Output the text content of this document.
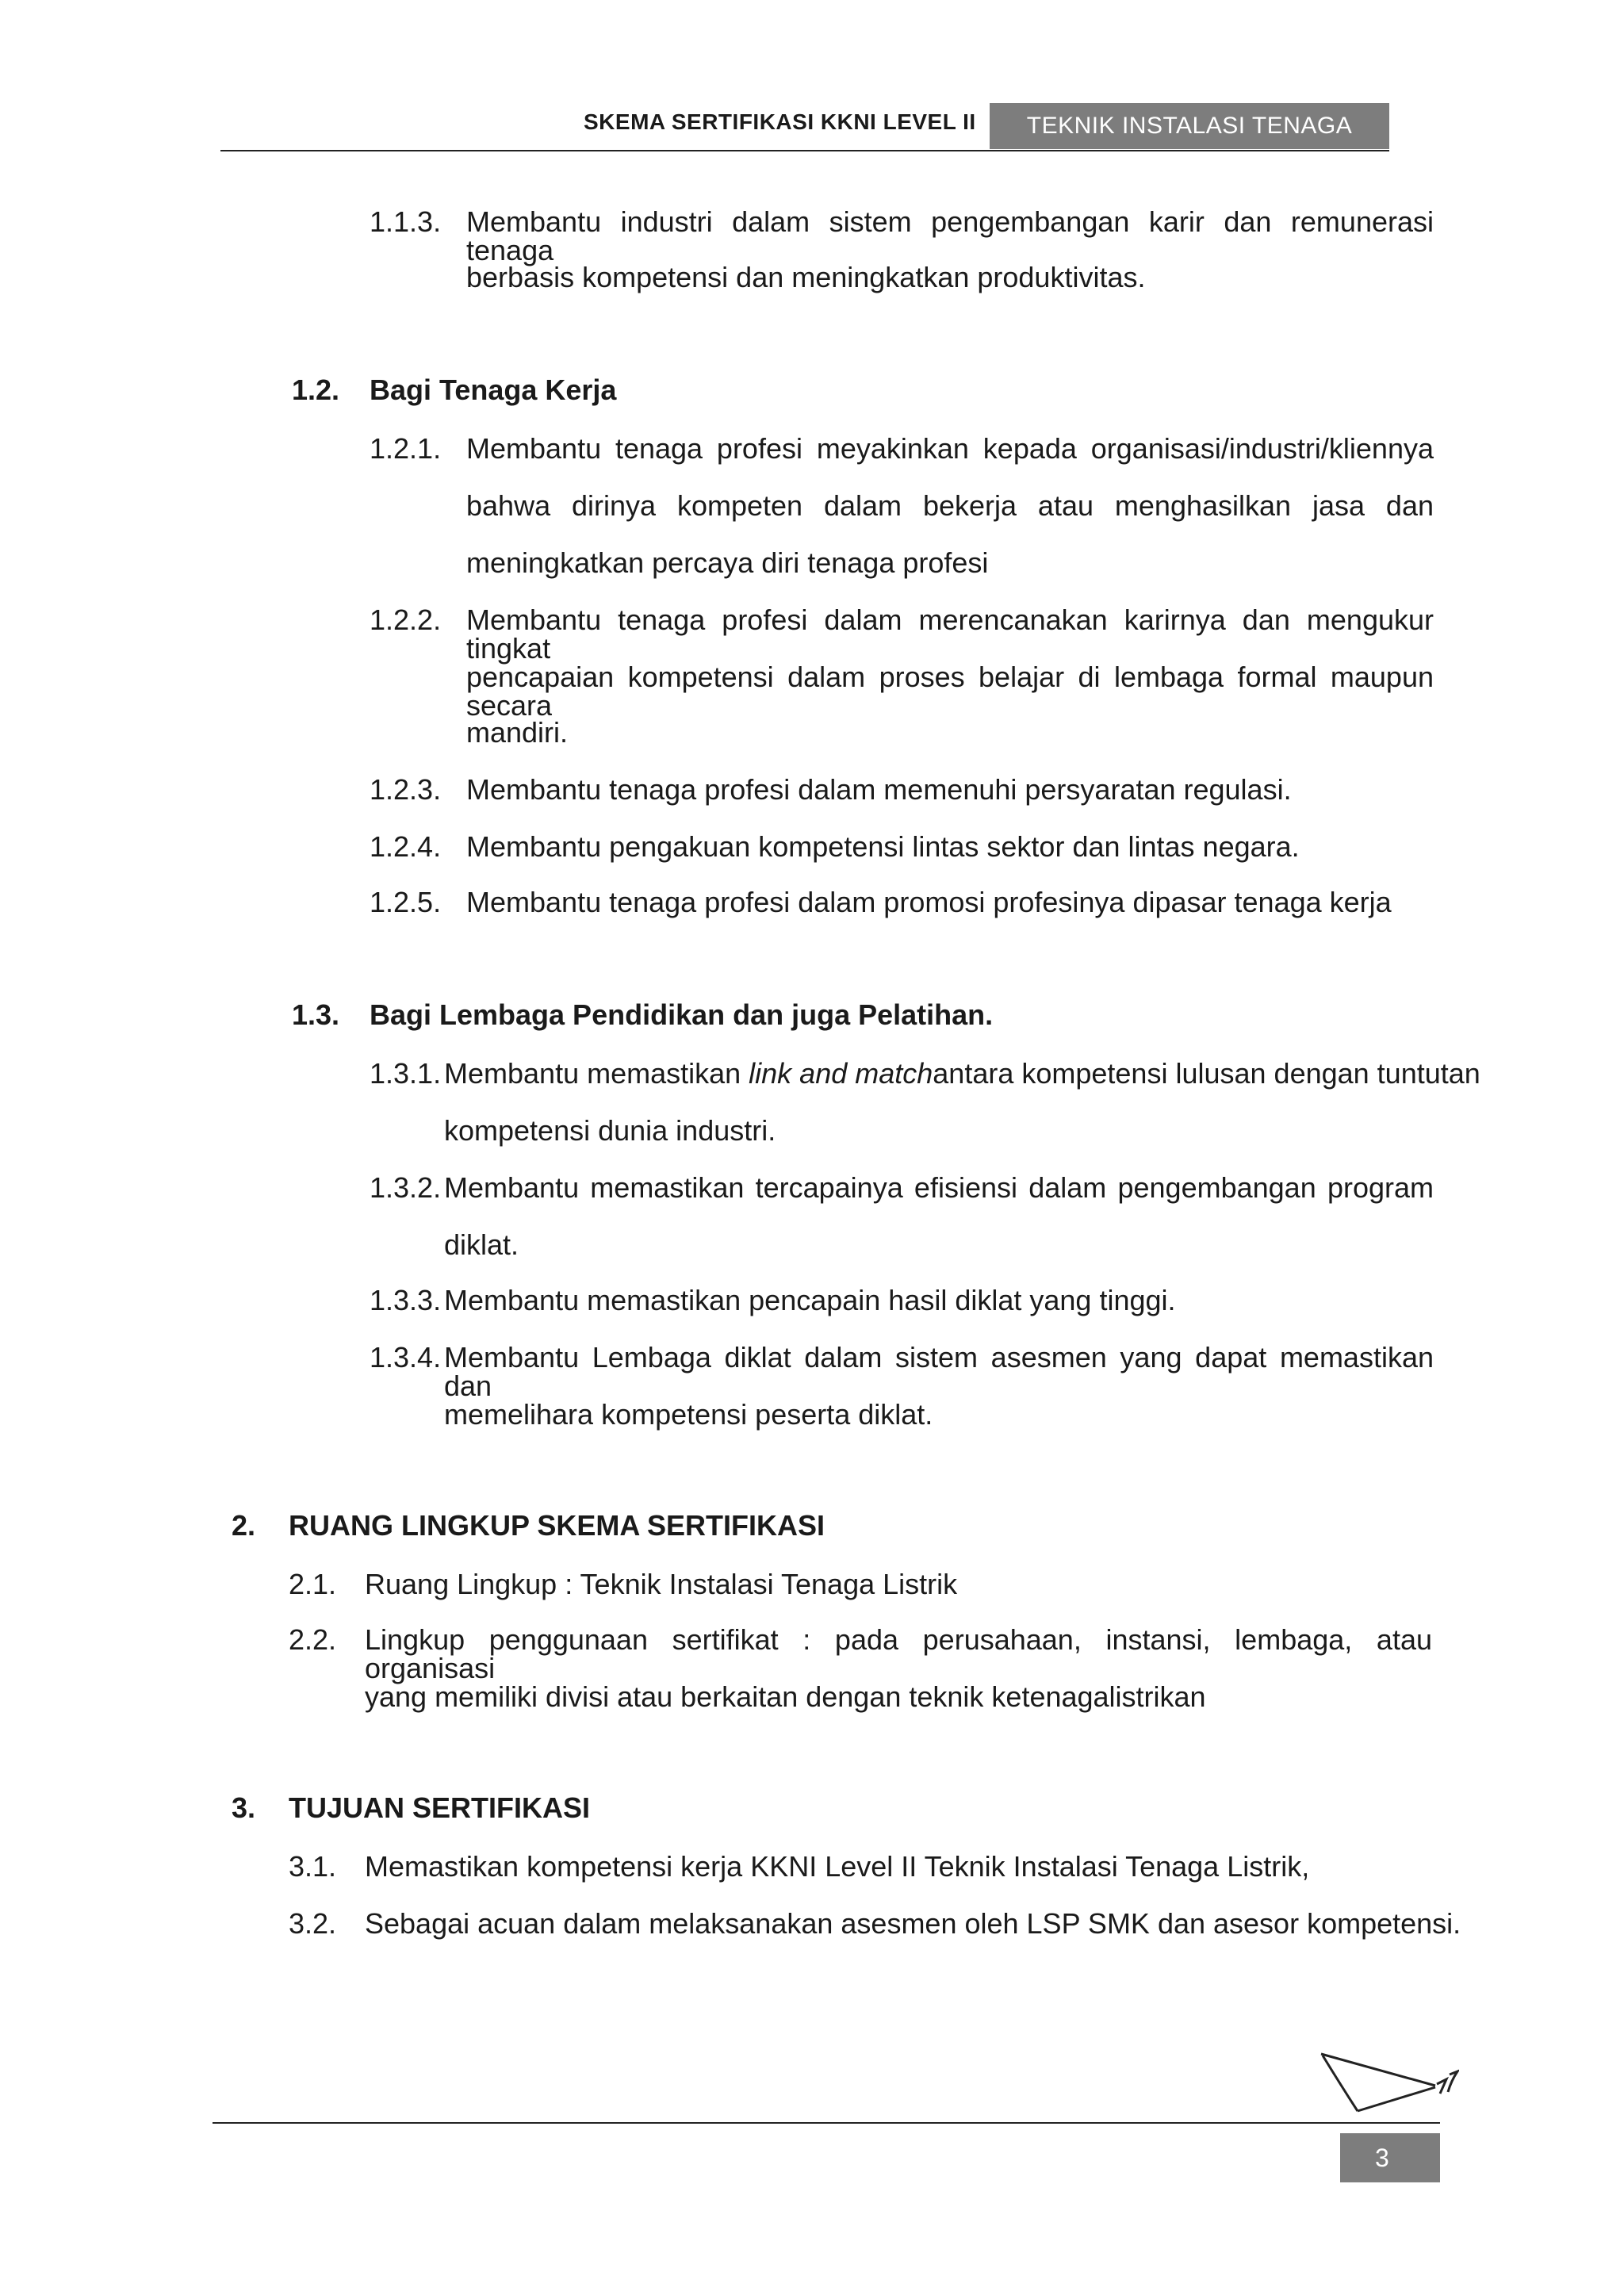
SKEMA SERTIFIKASI KKNI LEVEL II	TEKNIK INSTALASI TENAGA LISTRIK
1.1.3. Membantu industri dalam sistem pengembangan karir dan remunerasi tenaga
berbasis kompetensi dan meningkatkan produktivitas.
1.2. Bagi Tenaga Kerja
1.2.1. Membantu tenaga profesi meyakinkan kepada organisasi/industri/kliennya
bahwa dirinya kompeten dalam bekerja atau menghasilkan jasa dan
meningkatkan percaya diri tenaga profesi
1.2.2. Membantu tenaga profesi dalam merencanakan karirnya dan mengukur tingkat
pencapaian kompetensi dalam proses belajar di lembaga formal maupun secara
mandiri.
1.2.3. Membantu tenaga profesi dalam memenuhi persyaratan regulasi.
1.2.4. Membantu pengakuan kompetensi lintas sektor dan lintas negara.
1.2.5. Membantu tenaga profesi dalam promosi profesinya dipasar tenaga kerja
1.3. Bagi Lembaga Pendidikan dan juga Pelatihan.
1.3.1. Membantu memastikan link and matchantara kompetensi lulusan dengan tuntutan
kompetensi dunia industri.
1.3.2. Membantu memastikan tercapainya efisiensi dalam pengembangan program
diklat.
1.3.3. Membantu memastikan pencapain hasil diklat yang tinggi.
1.3.4. Membantu Lembaga diklat dalam sistem asesmen yang dapat memastikan dan
memelihara kompetensi peserta diklat.
2. RUANG LINGKUP SKEMA SERTIFIKASI
2.1. Ruang Lingkup : Teknik Instalasi Tenaga Listrik
2.2. Lingkup penggunaan sertifikat : pada perusahaan, instansi, lembaga, atau organisasi
yang memiliki divisi atau berkaitan dengan teknik ketenagalistrikan
3. TUJUAN SERTIFIKASI
3.1. Memastikan kompetensi kerja KKNI Level II Teknik Instalasi Tenaga Listrik,
3.2. Sebagai acuan dalam melaksanakan asesmen oleh LSP SMK dan asesor kompetensi.
3
